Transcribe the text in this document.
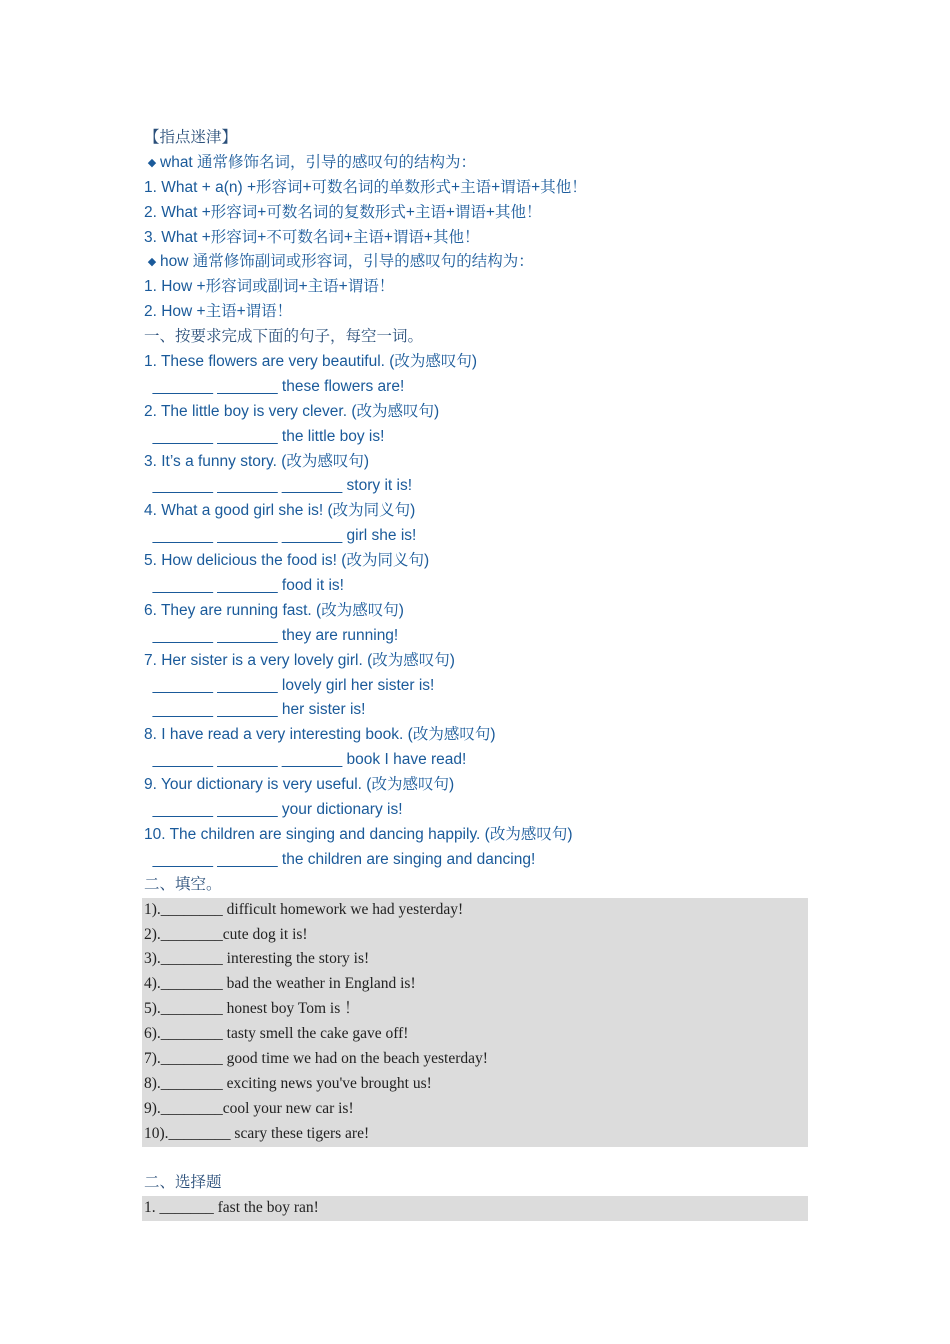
【指点迷津】
◆ what 通常修饰名词，引导的感叹句的结构为：
1. What + a(n) +形容词+可数名词的单数形式+主语+谓语+其他！
2. What +形容词+可数名词的复数形式+主语+谓语+其他！
3. What +形容词+不可数名词+主语+谓语+其他！
◆ how 通常修饰副词或形容词，引导的感叹句的结构为：
1. How +形容词或副词+主语+谓语！
2. How +主语+谓语！
一、按要求完成下面的句子，每空一词。
1. These flowers are very beautiful. (改为感叹句)
_______ _______ these flowers are!
2. The little boy is very clever. (改为感叹句)
_______ _______ the little boy is!
3. It’s a funny story. (改为感叹句)
_______ _______ _______ story it is!
4. What a good girl she is! (改为同义句)
_______ _______ _______ girl she is!
5. How delicious the food is! (改为同义句)
_______ _______ food it is!
6. They are running fast. (改为感叹句)
_______ _______ they are running!
7. Her sister is a very lovely girl. (改为感叹句)
_______ _______ lovely girl her sister is!
_______ _______ her sister is!
8. I have read a very interesting book. (改为感叹句)
_______ _______ _______ book I have read!
9. Your dictionary is very useful. (改为感叹句)
_______ _______ your dictionary is!
10. The children are singing and dancing happily. (改为感叹句)
_______ _______ the children are singing and dancing!
二、填空。
1).________ difficult homework we had yesterday!
2).________cute dog it is!
3).________ interesting the story is!
4).________ bad the weather in England is!
5).________ honest boy Tom is ！
6).________ tasty smell the cake gave off!
7).________ good time we had on the beach yesterday!
8).________ exciting news you've brought us!
9).________cool your new car is!
10).________ scary these tigers are!
二、选择题
1. _______ fast the boy ran!
